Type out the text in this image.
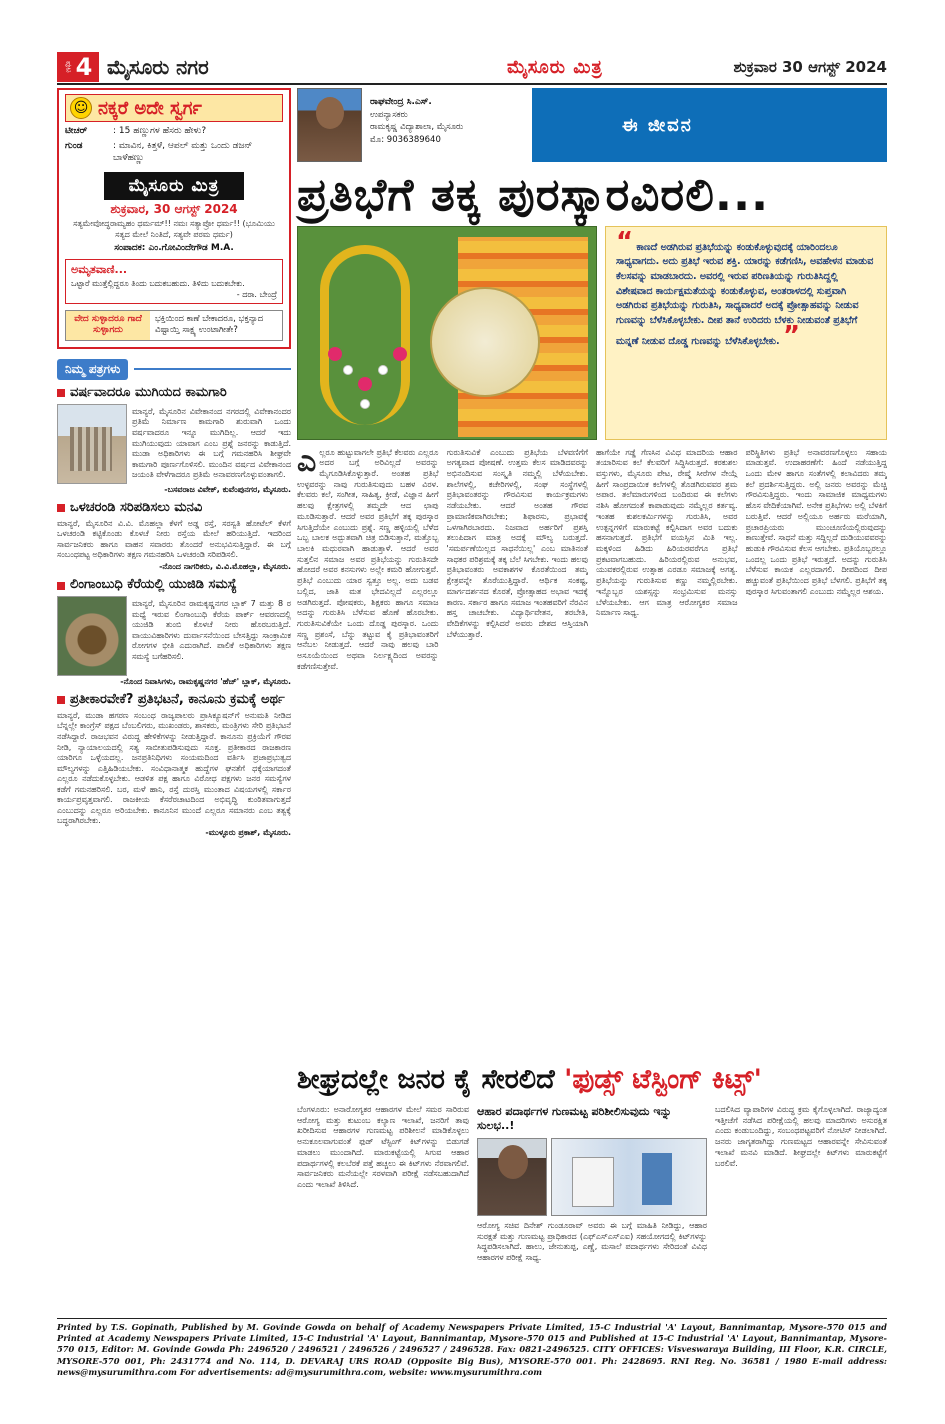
ಪುಟ 4 ಮೈಸೂರು ನಗರ	ಮೈಸೂರು ಮಿತ್ರ	ಶುಕ್ರವಾರ 30 ಆಗಸ್ಟ್ 2024
☺ ನಕ್ಕರೆ ಅದೇ ಸ್ವರ್ಗ
ಟೀಚರ್	: 15 ಹಣ್ಣುಗಳ ಹೆಸರು ಹೇಳು?
ಗುಂಡ	: ಮಾವಿನ, ಕಿತ್ತಳೆ, ಆಪಲ್ ಮತ್ತು ಒಂದು ಡಜನ್ ಬಾಳೆಹಣ್ಣು
ಮೈಸೂರು ಮಿತ್ರ
ಶುಕ್ರವಾರ, 30 ಆಗಸ್ಟ್ 2024
ಸತ್ಯಮೇವೋದ್ಧರಾಮ್ಯಹಂ ಧರ್ಮಮ್!! ನಮಃ ಸತ್ಯಾಪ್ರೋ ಧರ್ಮ!! (ಭೂಮಿಯು ಸತ್ಯದ ಮೇಲೆ ನಿಂತಿದೆ, ಸತ್ಯವೇ ಪರಮ ಧರ್ಮ)
ಸಂಪಾದಕ: ಎಂ.ಗೋವಿಂದೇಗೌಡ M.A.
ಅಮೃತವಾಣಿ...
ಒಟ್ಟಾರೆ ಮುತ್ತೆಲ್ಲಿದ್ದರೂ ತಿಂದು ಬದುಕಬಹುದು. ತಿಳಿದು ಬದುಕಬೇಕು.
- ದರಾ. ಬೇಂದ್ರೆ
ವೇದ ಸುಳ್ಳಾದರೂ ಗಾದೆ ಸುಳ್ಳಾಗದು
ಭಕ್ತಿಯಿಂದ ಕಾಣೆ ಬೇಕಾದರೂ, ಭಕ್ತನ್ಯಾದ ವಿಷ್ಟಾಯ್ತಿ ಸಾಕ್ಷ್ಯ ಉಂಟಾಗೀತೇ?
ನಿಮ್ಮ ಪತ್ರಗಳು
ವರ್ಷವಾದರೂ ಮುಗಿಯದ ಕಾಮಗಾರಿ
ಮಾನ್ಯರೆ, ಮೈಸೂರಿನ ವಿವೇಕಾನಂದ ನಗರದಲ್ಲಿ ವಿವೇಕಾನಂದರ ಪ್ರತಿಮೆ ನಿರ್ಮಾಣ ಕಾಮಗಾರಿ ಶುರುವಾಗಿ ಒಂದು ವರ್ಷವಾದರೂ ಇನ್ನೂ ಮುಗಿದಿಲ್ಲ. ಆದರೆ ಇದು ಮುಗಿಯುವುದು ಯಾವಾಗ ಎಂಬ ಪ್ರಶ್ನೆ ಜನರನ್ನು ಕಾಡುತ್ತಿದೆ. ಮುಡಾ ಅಧಿಕಾರಿಗಳು ಈ ಬಗ್ಗೆ ಗಮನಹರಿಸಿ ಶೀಘ್ರವೇ ಕಾಮಗಾರಿ ಪೂರ್ಣಗೊಳಿಸಲಿ. ಮುಂದಿನ ವರ್ಷದ ವಿವೇಕಾನಂದ ಜಯಂತಿ ವೇಳೆಗಾದರೂ ಪ್ರತಿಮೆ ಅನಾವರಣಗೊಳ್ಳುವಂತಾಗಲಿ.
-ಬಸವರಾಜ ವಿವೇಕ್, ಕುವೆಂಪುನಗರ, ಮೈಸೂರು.
ಒಳಚರಂಡಿ ಸರಿಪಡಿಸಲು ಮನವಿ
ಮಾನ್ಯರೆ, ಮೈಸೂರಿನ ವಿ.ವಿ. ಮೊಹಲ್ಲಾ ಕೆಳಗೆ ಅಡ್ಡ ರಸ್ತೆ, ಸರಸ್ವತಿ ಹೋಟೆಲ್ ಕೆಳಗೆ ಒಳಚರಂಡಿ ಕಟ್ಟಿಕೊಂಡು ಕೊಳಚೆ ನೀರು ರಸ್ತೆಯ ಮೇಲೆ ಹರಿಯುತ್ತಿದೆ. ಇದರಿಂದ ಸಾರ್ವಜನಿಕರು ಹಾಗೂ ವಾಹನ ಸವಾರರು ತೊಂದರೆ ಅನುಭವಿಸುತ್ತಿದ್ದಾರೆ. ಈ ಬಗ್ಗೆ ಸಂಬಂಧಪಟ್ಟ ಅಧಿಕಾರಿಗಳು ತಕ್ಷಣ ಗಮನಹರಿಸಿ ಒಳಚರಂಡಿ ಸರಿಪಡಿಸಲಿ.
-ನೊಂದ ನಾಗರಿಕರು, ವಿ.ವಿ.ಮೊಹಲ್ಲಾ, ಮೈಸೂರು.
ಲಿಂಗಾಂಬುಧಿ ಕೆರೆಯಲ್ಲಿ ಯುಜಿಡಿ ಸಮಸ್ಯೆ
ಮಾನ್ಯರೆ, ಮೈಸೂರಿನ ರಾಮಕೃಷ್ಣನಗರ ಬ್ಲಾಕ್ 7 ಮತ್ತು 8 ರ ಮಧ್ಯೆ ಇರುವ ಲಿಂಗಾಂಬುಧಿ ಕೆರೆಯ ಪಾರ್ಕ್ ಆವರಣದಲ್ಲಿ ಯುಜಿಡಿ ತುಂಬಿ ಕೊಳಚೆ ನೀರು ಹೊರಬರುತ್ತಿದೆ. ವಾಯುವಿಹಾರಿಗಳು ದುರ್ವಾಸನೆಯಿಂದ ಬೇಸತ್ತಿದ್ದು ಸಾಂಕ್ರಾಮಿಕ ರೋಗಗಳ ಭೀತಿ ಎದುರಾಗಿದೆ. ಪಾಲಿಕೆ ಅಧಿಕಾರಿಗಳು ತಕ್ಷಣ ಸಮಸ್ಯೆ ಬಗೆಹರಿಸಲಿ.
-ನೊಂದ ನಿವಾಸಿಗಳು, ರಾಮಕೃಷ್ಣನಗರ 'ಹೆಚ್' ಬ್ಲಾಕ್, ಮೈಸೂರು.
ಪ್ರತೀಕಾರವೇಕೆ? ಪ್ರತಿಭಟನೆ, ಕಾನೂನು ಕ್ರಮಕ್ಕೆ ಅರ್ಥ
ಮಾನ್ಯರೆ, ಮುಡಾ ಹಗರಣ ಸಂಬಂಧ ರಾಜ್ಯಪಾಲರು ಪ್ರಾಸಿಕ್ಯೂಷನ್‌ಗೆ ಅನುಮತಿ ನೀಡಿದ ಬೆನ್ನಲ್ಲೇ ಕಾಂಗ್ರೆಸ್ ಪಕ್ಷದ ಬೆಂಬಲಿಗರು, ಮುಖಂಡರು, ಶಾಸಕರು, ಮಂತ್ರಿಗಳು ಸೇರಿ ಪ್ರತಿಭಟನೆ ನಡೆಸಿದ್ದಾರೆ. ರಾಜಭವನ ವಿರುದ್ಧ ಹೇಳಿಕೆಗಳನ್ನು ನೀಡುತ್ತಿದ್ದಾರೆ. ಕಾನೂನು ಪ್ರಕ್ರಿಯೆಗೆ ಗೌರವ ನೀಡಿ, ನ್ಯಾಯಾಲಯದಲ್ಲಿ ಸತ್ಯ ಸಾಬೀತುಪಡಿಸುವುದು ಸೂಕ್ತ. ಪ್ರತೀಕಾರದ ರಾಜಕಾರಣ ಯಾರಿಗೂ ಒಳ್ಳೆಯದಲ್ಲ. ಜನಪ್ರತಿನಿಧಿಗಳು ಸಂಯಮದಿಂದ ವರ್ತಿಸಿ ಪ್ರಜಾಪ್ರಭುತ್ವದ ಮೌಲ್ಯಗಳನ್ನು ಎತ್ತಿಹಿಡಿಯಬೇಕು. ಸಂವಿಧಾನಾತ್ಮಕ ಹುದ್ದೆಗಳ ಘನತೆಗೆ ಧಕ್ಕೆಯಾಗದಂತೆ ಎಲ್ಲರೂ ನಡೆದುಕೊಳ್ಳಬೇಕು. ಆಡಳಿತ ಪಕ್ಷ ಹಾಗೂ ವಿರೋಧ ಪಕ್ಷಗಳು ಜನರ ಸಮಸ್ಯೆಗಳ ಕಡೆಗೆ ಗಮನಹರಿಸಲಿ. ಬರ, ಮಳೆ ಹಾನಿ, ರಸ್ತೆ ದುರಸ್ತಿ ಮುಂತಾದ ವಿಷಯಗಳಲ್ಲಿ ಸರ್ಕಾರ ಕಾರ್ಯಪ್ರವೃತ್ತವಾಗಲಿ. ರಾಜಕೀಯ ಕೆಸರೆರಚಾಟದಿಂದ ಅಭಿವೃದ್ಧಿ ಕುಂಠಿತವಾಗುತ್ತದೆ ಎಂಬುದನ್ನು ಎಲ್ಲರೂ ಅರಿಯಬೇಕು. ಕಾನೂನಿನ ಮುಂದೆ ಎಲ್ಲರೂ ಸಮಾನರು ಎಂಬ ತತ್ವಕ್ಕೆ ಬದ್ಧರಾಗಿರಬೇಕು.
-ಮುಳ್ಳೂರು ಪ್ರಕಾಶ್, ಮೈಸೂರು.
ರಾಘವೇಂದ್ರ ಸಿ.ಎಸ್.
ಉಪನ್ಯಾಸಕರು
ರಾಮಕೃಷ್ಣ ವಿದ್ಯಾಶಾಲಾ, ಮೈಸೂರು
ಮೊ: 9036389640
ಈ ಜೀವನ
ಪ್ರತಿಭೆಗೆ ತಕ್ಕ ಪುರಸ್ಕಾರವಿರಲಿ...
“ ಕಾಣದೆ ಅಡಗಿರುವ ಪ್ರತಿಭೆಯನ್ನು ಕಂಡುಕೊಳ್ಳುವುದಕ್ಕೆ ಯಾರಿಂದಲೂ ಸಾಧ್ಯವಾಗದು. ಅದು ಪ್ರತಿಭೆ ಇರುವ ಶಕ್ತಿ. ಯಾರನ್ನು ಕಡೆಗಣಿಸಿ, ಅವಹೇಳನ ಮಾಡುವ ಕೆಲಸವನ್ನು ಮಾಡಬಾರದು. ಅವರಲ್ಲಿ ಇರುವ ಪರಿಣತಿಯನ್ನು ಗುರುತಿಸಿದ್ದಲ್ಲಿ ವಿಶೇಷವಾದ ಕಾರ್ಯಕ್ಷಮತೆಯನ್ನು ಕಂಡುಕೊಳ್ಳುವ, ಅಂತರಾಳದಲ್ಲಿ ಸುಪ್ತವಾಗಿ ಅಡಗಿರುವ ಪ್ರತಿಭೆಯನ್ನು ಗುರುತಿಸಿ, ಸಾಧ್ಯವಾದರೆ ಅದಕ್ಕೆ ಪ್ರೋತ್ಸಾಹವನ್ನು ನೀಡುವ ಗುಣವನ್ನು ಬೆಳೆಸಿಕೊಳ್ಳಬೇಕು. ದೀಪ ತಾನೆ ಉರಿದರು ಬೆಳಕು ನೀಡುವಂತೆ ಪ್ರತಿಭೆಗೆ ಮನ್ನಣೆ ನೀಡುವ ದೊಡ್ಡ ಗುಣವನ್ನು ಬೆಳೆಸಿಕೊಳ್ಳಬೇಕು. ”
ಎ ಲ್ಲರೂ ಹುಟ್ಟುವಾಗಲೇ ಪ್ರತಿಭೆ ಕೆಲವರು ಎಲ್ಲರೂ ಅದರ ಬಗ್ಗೆ ಅರಿವಿಲ್ಲದೆ ಅವರನ್ನು ಮೈಗೂಡಿಸಿಕೊಳ್ಳುತ್ತಾರೆ. ಅಂತಹ ಪ್ರತಿಭೆ ಉಳ್ಳವರನ್ನು ನಾವು ಗುರುತಿಸುವುದು ಬಹಳ ವಿರಳ. ಕೆಲವರು ಕಲೆ, ಸಂಗೀತ, ಸಾಹಿತ್ಯ, ಕ್ರೀಡೆ, ವಿಜ್ಞಾನ ಹೀಗೆ ಹಲವು ಕ್ಷೇತ್ರಗಳಲ್ಲಿ ತಮ್ಮದೇ ಆದ ಛಾಪು ಮೂಡಿಸುತ್ತಾರೆ. ಆದರೆ ಅವರ ಪ್ರತಿಭೆಗೆ ತಕ್ಕ ಪುರಸ್ಕಾರ ಸಿಗುತ್ತಿದೆಯೇ ಎಂಬುದು ಪ್ರಶ್ನೆ. ಸಣ್ಣ ಹಳ್ಳಿಯಲ್ಲಿ ಬೆಳೆದ ಒಬ್ಬ ಬಾಲಕ ಅದ್ಭುತವಾಗಿ ಚಿತ್ರ ಬಿಡಿಸುತ್ತಾನೆ, ಮತ್ತೊಬ್ಬ ಬಾಲಕಿ ಮಧುರವಾಗಿ ಹಾಡುತ್ತಾಳೆ. ಆದರೆ ಅವರ ಸುತ್ತಲಿನ ಸಮಾಜ ಅವರ ಪ್ರತಿಭೆಯನ್ನು ಗುರುತಿಸದೇ ಹೋದರೆ ಅವರ ಕನಸುಗಳು ಅಲ್ಲೇ ಕಮರಿ ಹೋಗುತ್ತವೆ. ಪ್ರತಿಭೆ ಎಂಬುದು ಯಾರ ಸ್ವತ್ತೂ ಅಲ್ಲ. ಅದು ಬಡವ ಬಲ್ಲಿದ, ಜಾತಿ ಮತ ಭೇದವಿಲ್ಲದೆ ಎಲ್ಲರಲ್ಲೂ ಅಡಗಿರುತ್ತದೆ. ಪೋಷಕರು, ಶಿಕ್ಷಕರು ಹಾಗೂ ಸಮಾಜ ಅದನ್ನು ಗುರುತಿಸಿ ಬೆಳೆಸುವ ಹೊಣೆ ಹೊರಬೇಕು. ಗುರುತಿಸುವಿಕೆಯೇ ಒಂದು ದೊಡ್ಡ ಪುರಸ್ಕಾರ. ಒಂದು ಸಣ್ಣ ಪ್ರಶಂಸೆ, ಬೆನ್ನು ತಟ್ಟುವ ಕೈ ಪ್ರತಿಭಾವಂತರಿಗೆ ಆನೆಬಲ ನೀಡುತ್ತದೆ. ಆದರೆ ನಾವು ಹಲವು ಬಾರಿ ಅಸೂಯೆಯಿಂದ ಅಥವಾ ನಿರ್ಲಕ್ಷ್ಯದಿಂದ ಅವರನ್ನು ಕಡೆಗಣಿಸುತ್ತೇವೆ.
ಗುರುತಿಸುವಿಕೆ ಎಂಬುದು ಪ್ರತಿಭೆಯ ಬೆಳವಣಿಗೆಗೆ ಅಗತ್ಯವಾದ ಪೋಷಣೆ. ಉತ್ತಮ ಕೆಲಸ ಮಾಡಿದವರನ್ನು ಅಭಿನಂದಿಸುವ ಸಂಸ್ಕೃತಿ ನಮ್ಮಲ್ಲಿ ಬೆಳೆಯಬೇಕು. ಶಾಲೆಗಳಲ್ಲಿ, ಕಚೇರಿಗಳಲ್ಲಿ, ಸಂಘ ಸಂಸ್ಥೆಗಳಲ್ಲಿ ಪ್ರತಿಭಾವಂತರನ್ನು ಗೌರವಿಸುವ ಕಾರ್ಯಕ್ರಮಗಳು ನಡೆಯಬೇಕು. ಆದರೆ ಅಂತಹ ಗೌರವ ಪ್ರಾಮಾಣಿಕವಾಗಿರಬೇಕು; ಶಿಫಾರಸು, ಪ್ರಭಾವಕ್ಕೆ ಒಳಗಾಗಿರಬಾರದು. ನಿಜವಾದ ಅರ್ಹರಿಗೆ ಪ್ರಶಸ್ತಿ ತಲುಪಿದಾಗ ಮಾತ್ರ ಅದಕ್ಕೆ ಮೌಲ್ಯ ಬರುತ್ತದೆ. 'ಸಮರ್ಪಣೆಯಿಲ್ಲದ ಸಾಧನೆಯಿಲ್ಲ' ಎಂಬ ಮಾತಿನಂತೆ ಸಾಧಕರ ಪರಿಶ್ರಮಕ್ಕೆ ತಕ್ಕ ಬೆಲೆ ಸಿಗಬೇಕು. ಇಂದು ಹಲವು ಪ್ರತಿಭಾವಂತರು ಅವಕಾಶಗಳ ಕೊರತೆಯಿಂದ ತಮ್ಮ ಕ್ಷೇತ್ರವನ್ನೇ ತೊರೆಯುತ್ತಿದ್ದಾರೆ. ಆರ್ಥಿಕ ಸಂಕಷ್ಟ, ಮಾರ್ಗದರ್ಶನದ ಕೊರತೆ, ಪ್ರೋತ್ಸಾಹದ ಅಭಾವ ಇದಕ್ಕೆ ಕಾರಣ. ಸರ್ಕಾರ ಹಾಗೂ ಸಮಾಜ ಇಂತಹವರಿಗೆ ನೆರವಿನ ಹಸ್ತ ಚಾಚಬೇಕು. ವಿದ್ಯಾರ್ಥಿವೇತನ, ತರಬೇತಿ, ವೇದಿಕೆಗಳನ್ನು ಕಲ್ಪಿಸಿದರೆ ಅವರು ದೇಶದ ಆಸ್ತಿಯಾಗಿ ಬೆಳೆಯುತ್ತಾರೆ.
ಹಾಗೆಯೇ ಗಡ್ಡೆ ಗೆಣಸಿನ ವಿವಿಧ ಮಾದರಿಯ ಆಹಾರ ತಯಾರಿಸುವ ಕಲೆ ಕೆಲವರಿಗೆ ಸಿದ್ಧಿಸಿರುತ್ತದೆ. ಕರಕುಶಲ ವಸ್ತುಗಳು, ಮೈಸೂರು ಪೇಟ, ರೇಷ್ಮೆ ಸೀರೆಗಳ ನೇಯ್ಗೆ ಹೀಗೆ ಸಾಂಪ್ರದಾಯಿಕ ಕಲೆಗಳಲ್ಲಿ ತೊಡಗಿರುವವರ ಶ್ರಮ ಅಪಾರ. ತಲೆಮಾರುಗಳಿಂದ ಬಂದಿರುವ ಈ ಕಲೆಗಳು ನಶಿಸಿ ಹೋಗದಂತೆ ಕಾಪಾಡುವುದು ನಮ್ಮೆಲ್ಲರ ಕರ್ತವ್ಯ. ಇಂತಹ ಕುಶಲಕರ್ಮಿಗಳನ್ನು ಗುರುತಿಸಿ, ಅವರ ಉತ್ಪನ್ನಗಳಿಗೆ ಮಾರುಕಟ್ಟೆ ಕಲ್ಪಿಸಿದಾಗ ಅವರ ಬದುಕು ಹಸನಾಗುತ್ತದೆ. ಪ್ರತಿಭೆಗೆ ವಯಸ್ಸಿನ ಮಿತಿ ಇಲ್ಲ. ಮಕ್ಕಳಿಂದ ಹಿಡಿದು ಹಿರಿಯರವರೆಗೂ ಪ್ರತಿಭೆ ಪ್ರಕಟವಾಗಬಹುದು. ಹಿರಿಯರಲ್ಲಿರುವ ಅನುಭವ, ಯುವಕರಲ್ಲಿರುವ ಉತ್ಸಾಹ ಎರಡೂ ಸಮಾಜಕ್ಕೆ ಅಗತ್ಯ. ಪ್ರತಿಭೆಯನ್ನು ಗುರುತಿಸುವ ಕಣ್ಣು ನಮ್ಮಲ್ಲಿರಬೇಕು. ಇನ್ನೊಬ್ಬರ ಯಶಸ್ಸನ್ನು ಸಂಭ್ರಮಿಸುವ ಮನಸ್ಸು ಬೆಳೆಯಬೇಕು. ಆಗ ಮಾತ್ರ ಆರೋಗ್ಯಕರ ಸಮಾಜ ನಿರ್ಮಾಣ ಸಾಧ್ಯ.
ಪರಿಸ್ಥಿತಿಗಳು ಪ್ರತಿಭೆ ಅನಾವರಣಗೊಳ್ಳಲು ಸಹಾಯ ಮಾಡುತ್ತವೆ. ಉದಾಹರಣೆಗೆ: ಹಿಂದೆ ನಡೆಯುತ್ತಿದ್ದ ಒಂದು ಮೇಳ ಹಾಗೂ ಸಂತೆಗಳಲ್ಲಿ ಕಲಾವಿದರು ತಮ್ಮ ಕಲೆ ಪ್ರದರ್ಶಿಸುತ್ತಿದ್ದರು. ಅಲ್ಲಿ ಜನರು ಅವರನ್ನು ಮೆಚ್ಚಿ ಗೌರವಿಸುತ್ತಿದ್ದರು. ಇಂದು ಸಾಮಾಜಿಕ ಮಾಧ್ಯಮಗಳು ಹೊಸ ವೇದಿಕೆಯಾಗಿವೆ. ಅನೇಕ ಪ್ರತಿಭೆಗಳು ಅಲ್ಲಿ ಬೆಳಕಿಗೆ ಬರುತ್ತಿವೆ. ಆದರೆ ಅಲ್ಲಿಯೂ ಅರ್ಹರು ಮರೆಯಾಗಿ, ಪ್ರಚಾರಪ್ರಿಯರು ಮುಂಚೂಣಿಯಲ್ಲಿರುವುದನ್ನು ಕಾಣುತ್ತೇವೆ. ಸಾಧನೆ ಮತ್ತು ಸದ್ದಿಲ್ಲದೆ ದುಡಿಯುವವರನ್ನು ಹುಡುಕಿ ಗೌರವಿಸುವ ಕೆಲಸ ಆಗಬೇಕು. ಪ್ರತಿಯೊಬ್ಬರಲ್ಲೂ ಒಂದಲ್ಲ ಒಂದು ಪ್ರತಿಭೆ ಇರುತ್ತದೆ. ಅದನ್ನು ಗುರುತಿಸಿ ಬೆಳೆಸುವ ಕಾಯಕ ಎಲ್ಲರದಾಗಲಿ. ದೀಪದಿಂದ ದೀಪ ಹಚ್ಚುವಂತೆ ಪ್ರತಿಭೆಯಿಂದ ಪ್ರತಿಭೆ ಬೆಳಗಲಿ. ಪ್ರತಿಭೆಗೆ ತಕ್ಕ ಪುರಸ್ಕಾರ ಸಿಗುವಂತಾಗಲಿ ಎಂಬುದು ನಮ್ಮೆಲ್ಲರ ಆಶಯ.
ಶೀಘ್ರದಲ್ಲೇ ಜನರ ಕೈ ಸೇರಲಿದೆ 'ಫುಡ್ಸ್ ಟೆಸ್ಟಿಂಗ್ ಕಿಟ್ಸ್'
ಬೆಂಗಳೂರು: ಅನಾರೋಗ್ಯಕರ ಆಹಾರಗಳ ಮೇಲೆ ಸಮರ ಸಾರಿರುವ ಆರೋಗ್ಯ ಮತ್ತು ಕುಟುಂಬ ಕಲ್ಯಾಣ ಇಲಾಖೆ, ಜನರಿಗೆ ತಾವು ಖರೀದಿಸುವ ಆಹಾರಗಳ ಗುಣಮಟ್ಟ ಪರಿಶೀಲನೆ ಮಾಡಿಕೊಳ್ಳಲು ಅನುಕೂಲವಾಗುವಂತೆ ಫುಡ್ ಟೆಸ್ಟಿಂಗ್ ಕಿಟ್‌ಗಳನ್ನು ಬಿಡುಗಡೆ ಮಾಡಲು ಮುಂದಾಗಿದೆ. ಮಾರುಕಟ್ಟೆಯಲ್ಲಿ ಸಿಗುವ ಆಹಾರ ಪದಾರ್ಥಗಳಲ್ಲಿ ಕಲಬೆರಕೆ ಪತ್ತೆ ಹಚ್ಚಲು ಈ ಕಿಟ್‌ಗಳು ನೆರವಾಗಲಿವೆ. ಸಾರ್ವಜನಿಕರು ಮನೆಯಲ್ಲೇ ಸರಳವಾಗಿ ಪರೀಕ್ಷೆ ನಡೆಸಬಹುದಾಗಿದೆ ಎಂದು ಇಲಾಖೆ ತಿಳಿಸಿದೆ.
ಆಹಾರ ಪದಾರ್ಥಗಳ ಗುಣಮಟ್ಟ ಪರಿಶೀಲಿಸುವುದು ಇನ್ನು ಸುಲಭ..!
ಆರೋಗ್ಯ ಸಚಿವ ದಿನೇಶ್ ಗುಂಡೂರಾವ್ ಅವರು ಈ ಬಗ್ಗೆ ಮಾಹಿತಿ ನೀಡಿದ್ದು, ಆಹಾರ ಸುರಕ್ಷತೆ ಮತ್ತು ಗುಣಮಟ್ಟ ಪ್ರಾಧಿಕಾರದ (ಎಫ್‌ಎಸ್‌ಎಸ್‌ಎಐ) ಸಹಯೋಗದಲ್ಲಿ ಕಿಟ್‌ಗಳನ್ನು ಸಿದ್ಧಪಡಿಸಲಾಗಿದೆ. ಹಾಲು, ಜೇನುತುಪ್ಪ, ಎಣ್ಣೆ, ಮಸಾಲೆ ಪದಾರ್ಥಗಳು ಸೇರಿದಂತೆ ವಿವಿಧ ಆಹಾರಗಳ ಪರೀಕ್ಷೆ ಸಾಧ್ಯ.
ಬದಲಿಸಿದ ವ್ಯಾಪಾರಿಗಳ ವಿರುದ್ಧ ಕ್ರಮ ಕೈಗೊಳ್ಳಲಾಗಿದೆ. ರಾಜ್ಯಾದ್ಯಂತ ಇತ್ತೀಚೆಗೆ ನಡೆಸಿದ ಪರೀಕ್ಷೆಯಲ್ಲಿ ಹಲವು ಮಾದರಿಗಳು ಅಸುರಕ್ಷಿತ ಎಂದು ಕಂಡುಬಂದಿದ್ದು, ಸಂಬಂಧಪಟ್ಟವರಿಗೆ ನೋಟಿಸ್ ನೀಡಲಾಗಿದೆ. ಜನರು ಜಾಗೃತರಾಗಿದ್ದು ಗುಣಮಟ್ಟದ ಆಹಾರವನ್ನೇ ಸೇವಿಸುವಂತೆ ಇಲಾಖೆ ಮನವಿ ಮಾಡಿದೆ. ಶೀಘ್ರದಲ್ಲೇ ಕಿಟ್‌ಗಳು ಮಾರುಕಟ್ಟೆಗೆ ಬರಲಿವೆ.
Printed by T.S. Gopinath, Published by M. Govinde Gowda on behalf of Academy Newspapers Private Limited, 15-C Industrial 'A' Layout, Bannimantap, Mysore-570 015 and Printed at Academy Newspapers Private Limited, 15-C Industrial 'A' Layout, Bannimantap, Mysore-570 015 and Published at 15-C Industrial 'A' Layout, Bannimantap, Mysore-570 015, Editor: M. Govinde Gowda Ph: 2496520 / 2496521 / 2496526 / 2496527 / 2496528. Fax: 0821-2496525. CITY OFFICES: Visveswaraya Building, III Floor, K.R. CIRCLE, MYSORE-570 001, Ph: 2431774 and No. 114, D. DEVARAJ URS ROAD (Opposite Big Bus), MYSORE-570 001. Ph: 2428695. RNI Reg. No. 36581 / 1980 E-mail address: news@mysurumithra.com For advertisements: ad@mysurumithra.com, website: www.mysurumithra.com
